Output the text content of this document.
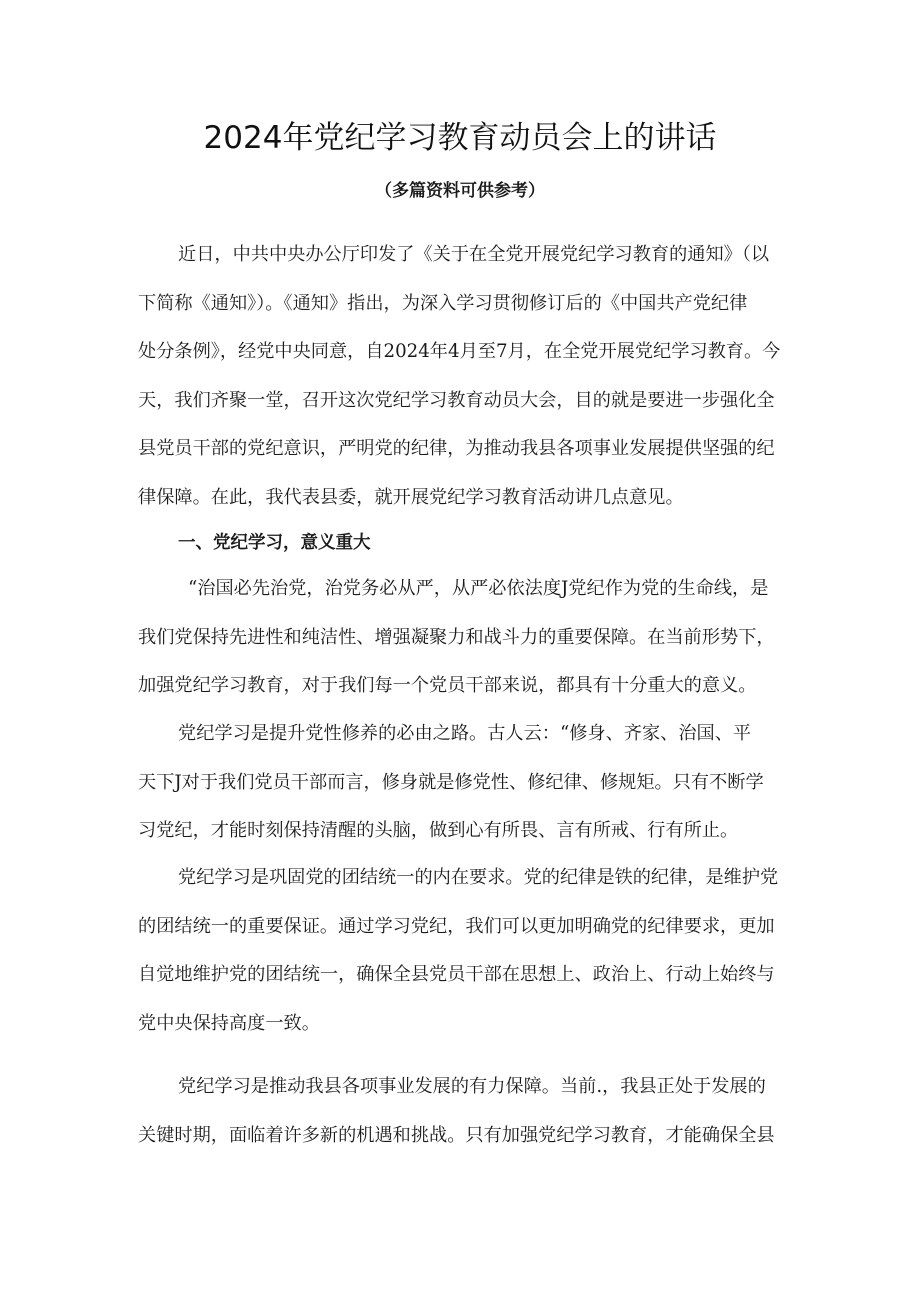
2024年党纪学习教育动员会上的讲话
（多篇资料可供参考）
近日，中共中央办公厅印发了《关于在全党开展党纪学习教育的通知》（以
下简称《通知》）。《通知》指出，为深入学习贯彻修订后的《中国共产党纪律
处分条例》，经党中央同意，自2024年4月至7月，在全党开展党纪学习教育。今
天，我们齐聚一堂，召开这次党纪学习教育动员大会，目的就是要进一步强化全
县党员干部的党纪意识，严明党的纪律，为推动我县各项事业发展提供坚强的纪
律保障。在此，我代表县委，就开展党纪学习教育活动讲几点意见。
一、党纪学习，意义重大
“治国必先治党，治党务必从严，从严必依法度J党纪作为党的生命线，是
我们党保持先进性和纯洁性、增强凝聚力和战斗力的重要保障。在当前形势下，
加强党纪学习教育，对于我们每一个党员干部来说，都具有十分重大的意义。
党纪学习是提升党性修养的必由之路。古人云：“修身、齐家、治国、平
天下J对于我们党员干部而言，修身就是修党性、修纪律、修规矩。只有不断学
习党纪，才能时刻保持清醒的头脑，做到心有所畏、言有所戒、行有所止。
党纪学习是巩固党的团结统一的内在要求。党的纪律是铁的纪律，是维护党
的团结统一的重要保证。通过学习党纪，我们可以更加明确党的纪律要求，更加
自觉地维护党的团结统一，确保全县党员干部在思想上、政治上、行动上始终与
党中央保持高度一致。
党纪学习是推动我县各项事业发展的有力保障。当前.，我县正处于发展的
关键时期，面临着许多新的机遇和挑战。只有加强党纪学习教育，才能确保全县
